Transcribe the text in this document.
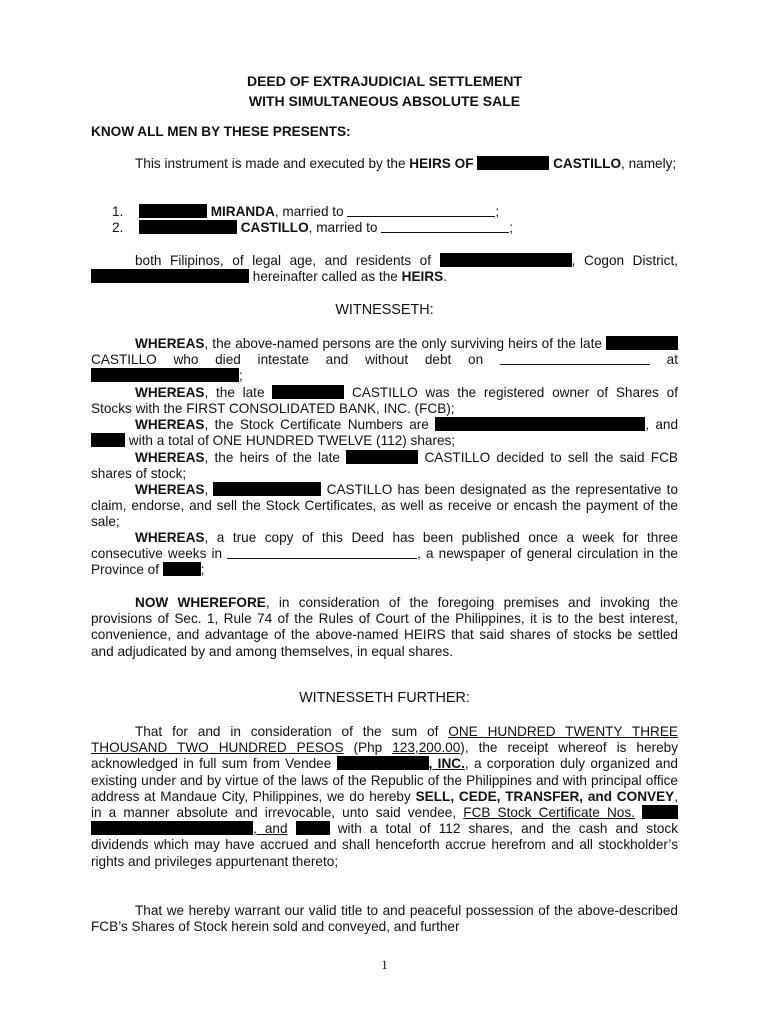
DEED OF EXTRAJUDICIAL SETTLEMENT
WITH SIMULTANEOUS ABSOLUTE SALE
KNOW ALL MEN BY THESE PRESENTS:
This instrument is made and executed by the HEIRS OF	CASTILLO, namely;
1.	MIRANDA, married to	;
2.	CASTILLO, married to	;
both Filipinos, of legal age, and residents of	, Cogon District,  hereinafter called as the HEIRS.
WITNESSETH:
WHEREAS, the above-named persons are the only surviving heirs of the late  CASTILLO who died intestate and without debt on	at ;
WHEREAS, the late	CASTILLO was the registered owner of Shares of Stocks with the FIRST CONSOLIDATED BANK, INC. (FCB);
WHEREAS, the Stock Certificate Numbers are	, and  with a total of ONE HUNDRED TWELVE (112) shares;
WHEREAS, the heirs of the late	CASTILLO decided to sell the said FCB shares of stock;
WHEREAS,	CASTILLO has been designated as the representative to claim, endorse, and sell the Stock Certificates, as well as receive or encash the payment of the sale;
WHEREAS, a true copy of this Deed has been published once a week for three consecutive weeks in	, a newspaper of general circulation in the Province of	;
NOW WHEREFORE, in consideration of the foregoing premises and invoking the provisions of Sec. 1, Rule 74 of the Rules of Court of the Philippines, it is to the best interest, convenience, and advantage of the above-named HEIRS that said shares of stocks be settled and adjudicated by and among themselves, in equal shares.
WITNESSETH FURTHER:
That for and in consideration of the sum of ONE HUNDRED TWENTY THREE THOUSAND TWO HUNDRED PESOS (Php 123,200.00), the receipt whereof is hereby acknowledged in full sum from Vendee	, INC., a corporation duly organized and existing under and by virtue of the laws of the Republic of the Philippines and with principal office address at Mandaue City, Philippines, we do hereby SELL, CEDE, TRANSFER, and CONVEY, in a manner absolute and irrevocable, unto said vendee, FCB Stock Certificate Nos.  , and	with a total of 112 shares, and the cash and stock dividends which may have accrued and shall henceforth accrue herefrom and all stockholder’s rights and privileges appurtenant thereto;
That we hereby warrant our valid title to and peaceful possession of the above-described FCB’s Shares of Stock herein sold and conveyed, and further
1
